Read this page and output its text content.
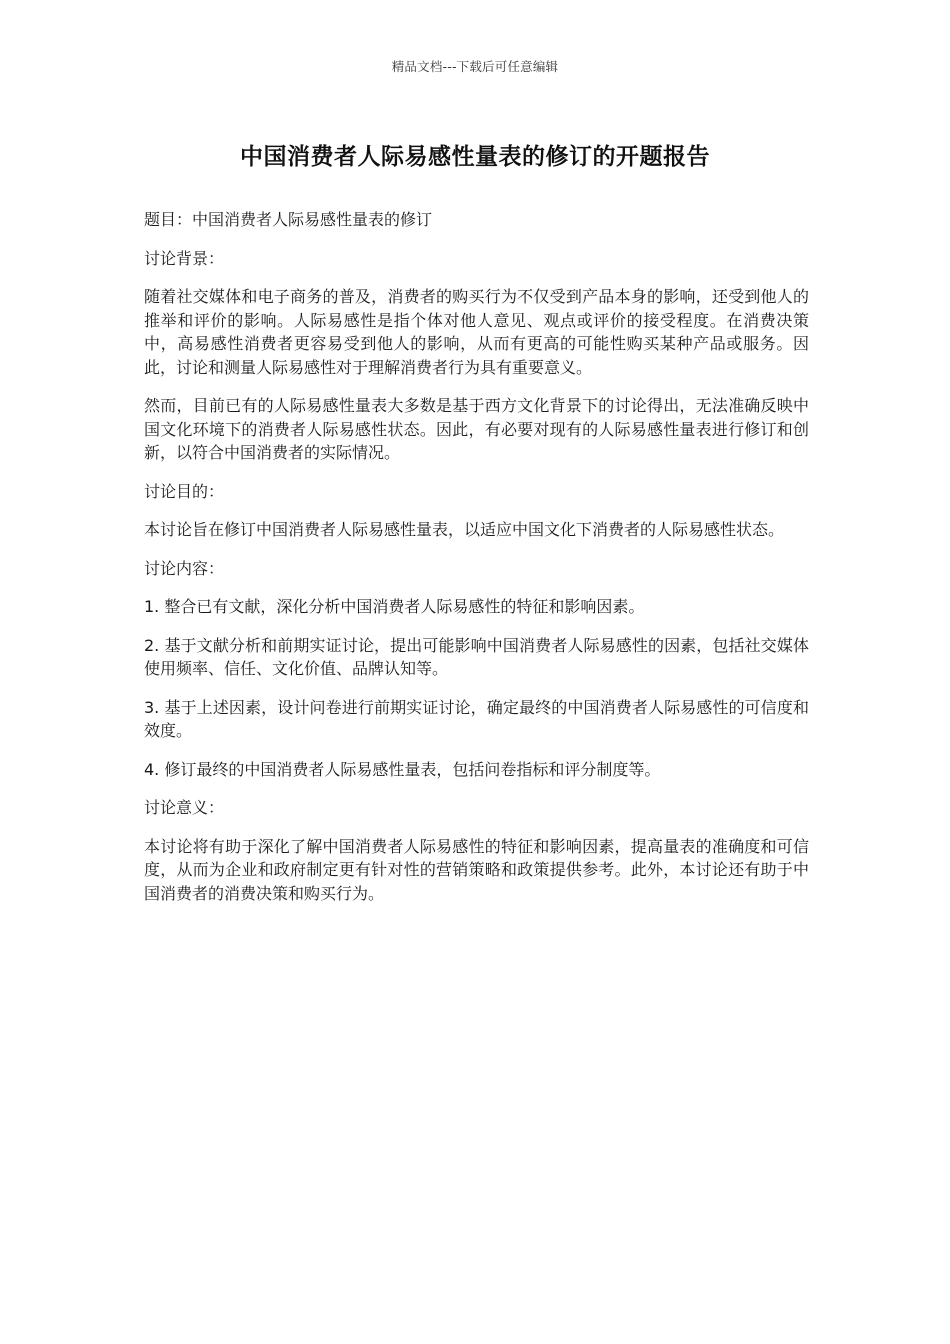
精品文档---下载后可任意编辑
中国消费者人际易感性量表的修订的开题报告

题目：中国消费者人际易感性量表的修订

讨论背景：

随着社交媒体和电子商务的普及，消费者的购买行为不仅受到产品本身的影响，还受到他人的推举和评价的影响。人际易感性是指个体对他人意见、观点或评价的接受程度。在消费决策中，高易感性消费者更容易受到他人的影响，从而有更高的可能性购买某种产品或服务。因此，讨论和测量人际易感性对于理解消费者行为具有重要意义。

然而，目前已有的人际易感性量表大多数是基于西方文化背景下的讨论得出，无法准确反映中国文化环境下的消费者人际易感性状态。因此，有必要对现有的人际易感性量表进行修订和创新，以符合中国消费者的实际情况。

讨论目的：

本讨论旨在修订中国消费者人际易感性量表，以适应中国文化下消费者的人际易感性状态。

讨论内容：

1. 整合已有文献，深化分析中国消费者人际易感性的特征和影响因素。

2. 基于文献分析和前期实证讨论，提出可能影响中国消费者人际易感性的因素，包括社交媒体使用频率、信任、文化价值、品牌认知等。

3. 基于上述因素，设计问卷进行前期实证讨论，确定最终的中国消费者人际易感性的可信度和效度。

4. 修订最终的中国消费者人际易感性量表，包括问卷指标和评分制度等。

讨论意义：

本讨论将有助于深化了解中国消费者人际易感性的特征和影响因素，提高量表的准确度和可信度，从而为企业和政府制定更有针对性的营销策略和政策提供参考。此外，本讨论还有助于中国消费者的消费决策和购买行为。
